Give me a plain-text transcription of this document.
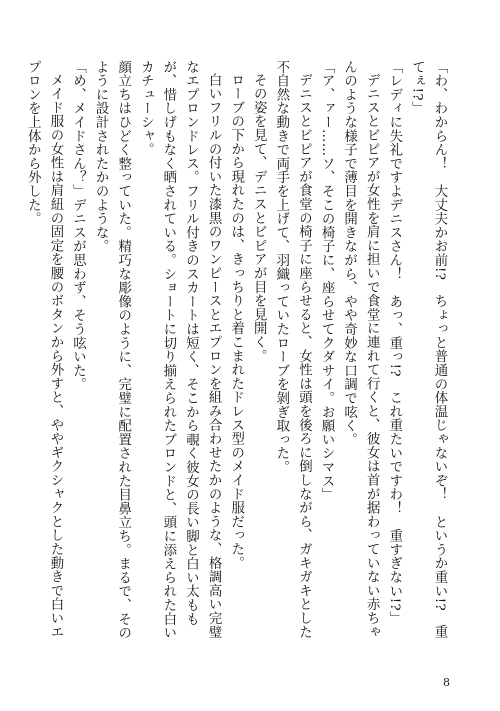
「わ、わからん！　大丈夫かお前!?　ちょっと普通の体温じゃないぞ！　というか重い!?　重てぇ!?」

「レディに失礼ですよデニスさん！　あっ、重っ!?　これ重たいですわ！　重すぎない!?」

デニスとビピアが女性を肩に担いで食堂に連れて行くと、彼女は首が据わっていない赤ちゃんのような様子で薄目を開きながら、やや奇妙な口調で呟く。

「ア、ァー……ソ、そこの椅子に、座らせてクダサイ。お願いシマス」

デニスとビピアが食堂の椅子に座らせると、女性は頭を後ろに倒しながら、ガキガキとした不自然な動きで両手を上げて、羽織っていたローブを剝ぎ取った。

その姿を見て、デニスとビピアが目を見開く。

ローブの下から現れたのは、きっちりと着こまれたドレス型のメイド服だった。

白いフリルの付いた漆黒のワンピースとエプロンを組み合わせたかのような、格調高い完璧なエプロンドレス。フリル付きのスカートは短く、そこから覗く彼女の長い脚と白い太ももが、惜しげもなく晒されている。ショートに切り揃えられたブロンドと、頭に添えられた白いカチューシャ。

顔立ちはひどく整っていた。精巧な彫像のように、完璧に配置された目鼻立ち。まるで、そのように設計されたかのような。

「め、メイドさん？」デニスが思わず、そう呟いた。

メイド服の女性は肩紐の固定を腰のボタンから外すと、ややギクシャクとした動きで白いエプロンを上体から外した。

8
